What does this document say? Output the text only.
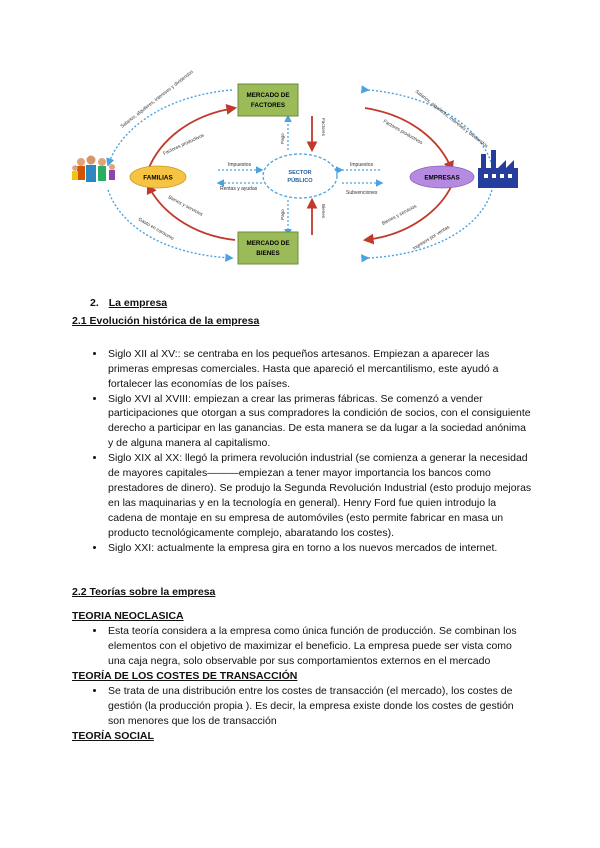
MERCADO DE
FACTORES
MERCADO DE
BIENES
SECTOR
PÚBLICO
FAMILIAS	EMPRESAS
Salarios, alquileres, intereses y dividendos
Factores productivos	Salarios, alquileres, intereses y dividendos
Factores productivos
Bienes y servicios
Gasto en consumo
Bienes y servicios
Ingresos por ventas
Impuestos
Rentas y ayudas
Impuestos
Subvenciones
Pago
Factores
Pago	Bienes
2. La empresa
2.1 Evolución histórica de la empresa
• Siglo XII al XV:: se centraba en los pequeños artesanos. Empiezan a aparecer las primeras empresas comerciales. Hasta que apareció el mercantilismo, este ayudó a fortalecer las economías de los países.
• Siglo XVI al XVIII: empiezan a crear las primeras fábricas. Se comenzó a vender participaciones que otorgan a sus compradores la condición de socios, con el consiguiente derecho a participar en las ganancias. De esta manera se da lugar a la sociedad anónima y de alguna manera al capitalismo.
• Siglo XIX al XX: llegó la primera revolución industrial (se comienza a generar la necesidad de mayores capitales———empiezan a tener mayor importancia los bancos como prestadores de dinero). Se produjo la Segunda Revolución Industrial (esto produjo mejoras en las maquinarias y en la tecnología en general). Henry Ford fue quien introdujo la cadena de montaje en su empresa de automóviles (esto permite fabricar en masa un producto tecnológicamente complejo, abaratando los costes).
• Siglo XXI: actualmente la empresa gira en torno a los nuevos mercados de internet.
2.2 Teorías sobre la empresa
TEORIA NEOCLASICA
• Esta teoría considera a la empresa como única función de producción. Se combinan los elementos con el objetivo de maximizar el beneficio. La empresa puede ser vista como una caja negra, solo observable por sus comportamientos externos en el mercado
TEORÍA DE LOS COSTES DE TRANSACCIÓN
• Se trata de una distribución entre los costes de transacción (el mercado), los costes de gestión (la producción propia ). Es decir, la empresa existe donde los costes de gestión son menores que los de transacción
TEORÍA SOCIAL
